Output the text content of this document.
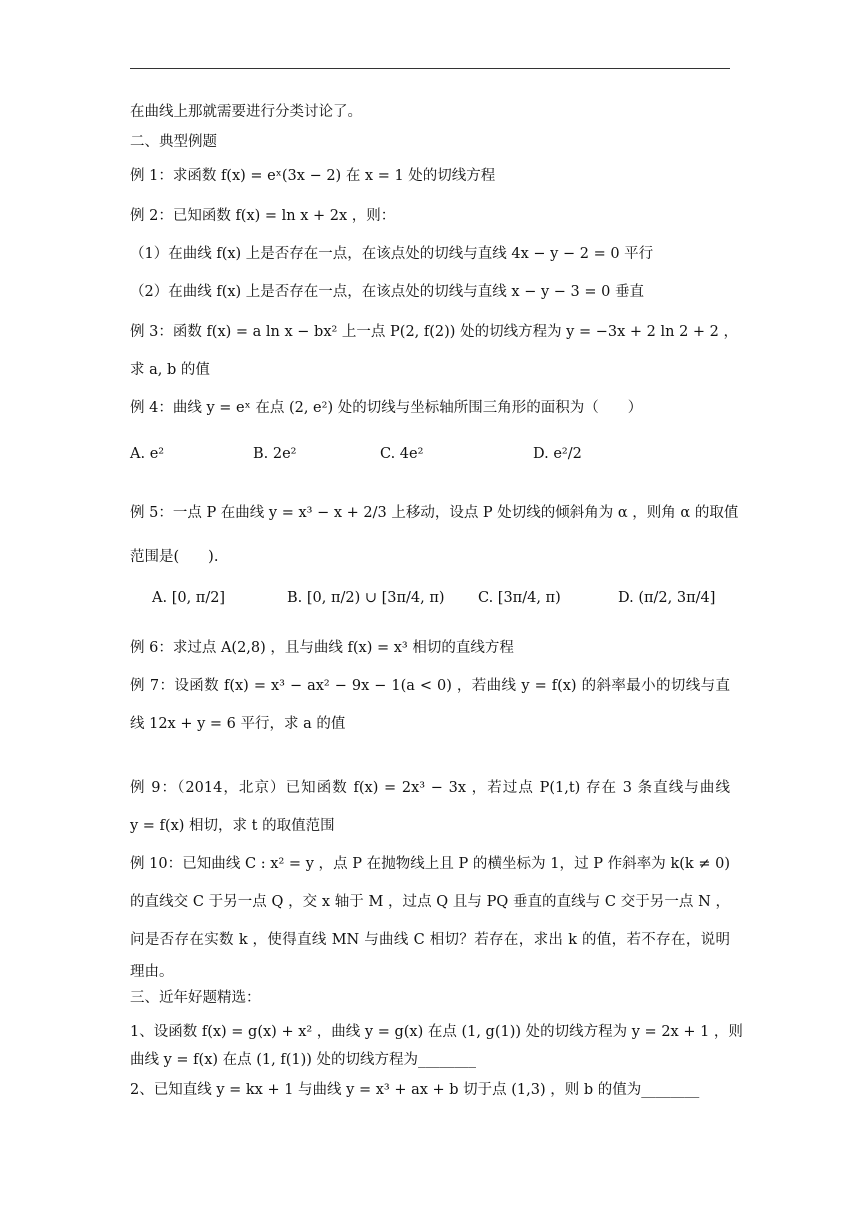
在曲线上那就需要进行分类讨论了。
二、典型例题
例 1：求函数 f(x) = eˣ(3x − 2) 在 x = 1 处的切线方程
例 2：已知函数 f(x) = ln x + 2x ，则：
（1）在曲线 f(x) 上是否存在一点，在该点处的切线与直线 4x − y − 2 = 0 平行
（2）在曲线 f(x) 上是否存在一点，在该点处的切线与直线 x − y − 3 = 0 垂直
例 3：函数 f(x) = a ln x − bx² 上一点 P(2, f(2)) 处的切线方程为 y = −3x + 2 ln 2 + 2 ，
求 a, b 的值
例 4：曲线 y = eˣ 在点 (2, e²) 处的切线与坐标轴所围三角形的面积为（　　）
A. e²	B. 2e²	C. 4e²	D. e²/2
例 5：一点 P 在曲线 y = x³ − x + 2/3 上移动，设点 P 处切线的倾斜角为 α ，则角 α 的取值
范围是(　　).
A. [0, π/2]	B. [0, π/2) ∪ [3π/4, π) C. [3π/4, π)	D. (π/2, 3π/4]
例 6：求过点 A(2,8) ，且与曲线 f(x) = x³ 相切的直线方程
例 7：设函数 f(x) = x³ − ax² − 9x − 1(a < 0) ，若曲线 y = f(x) 的斜率最小的切线与直
线 12x + y = 6 平行，求 a 的值
例 9：（2014，北京）已知函数 f(x) = 2x³ − 3x ，若过点 P(1,t) 存在 3 条直线与曲线
y = f(x) 相切，求 t 的取值范围
例 10：已知曲线 C : x² = y ，点 P 在抛物线上且 P 的横坐标为 1，过 P 作斜率为 k(k ≠ 0)
的直线交 C 于另一点 Q ，交 x 轴于 M ，过点 Q 且与 PQ 垂直的直线与 C 交于另一点 N ，
问是否存在实数 k ，使得直线 MN 与曲线 C 相切？若存在，求出 k 的值，若不存在，说明
理由。
三、近年好题精选：
1、设函数 f(x) = g(x) + x² ，曲线 y = g(x) 在点 (1, g(1)) 处的切线方程为 y = 2x + 1 ，则
曲线 y = f(x) 在点 (1, f(1)) 处的切线方程为________
2、已知直线 y = kx + 1 与曲线 y = x³ + ax + b 切于点 (1,3) ，则 b 的值为________
